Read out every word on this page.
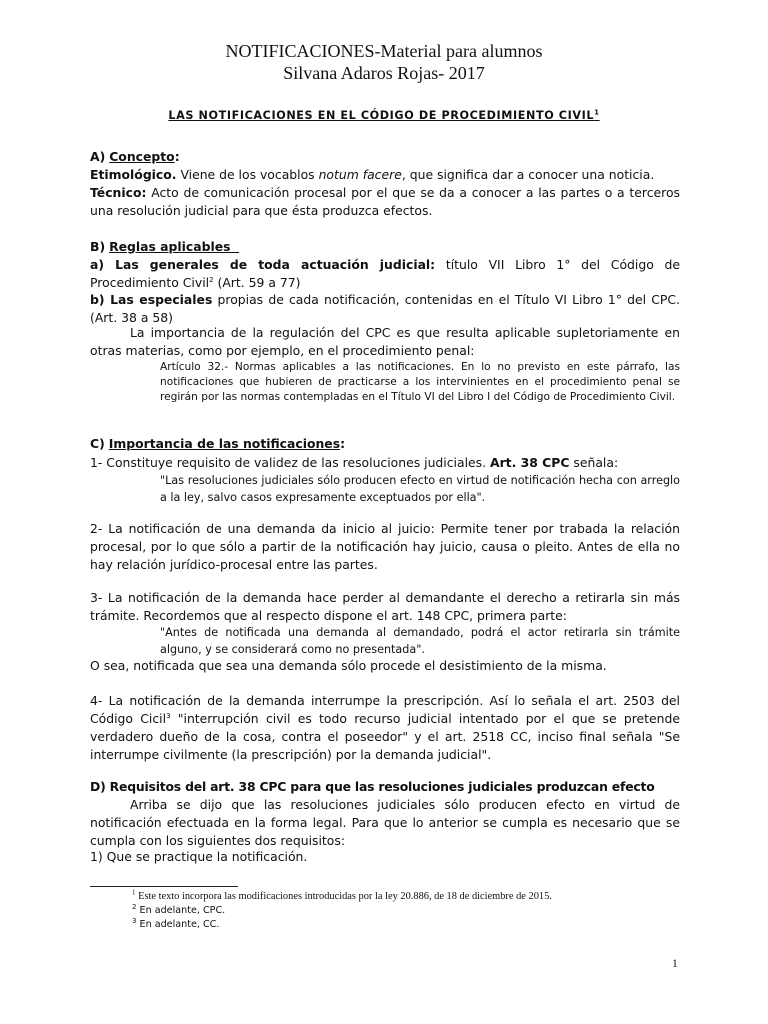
NOTIFICACIONES-Material para alumnos
Silvana Adaros Rojas- 2017
LAS NOTIFICACIONES EN EL CÓDIGO DE PROCEDIMIENTO CIVIL$^1$

A) Concepto:

Etimológico. Viene de los vocablos notum facere, que significa dar a conocer una noticia.

Técnico: Acto de comunicación procesal por el que se da a conocer a las partes o a terceros una resolución judicial para que ésta produzca efectos.

B) Reglas aplicables

a) Las generales de toda actuación judicial: título VII Libro 1° del Código de Procedimiento Civil$^2$ (Art. 59 a 77)

b) Las especiales propias de cada notificación, contenidas en el Título VI Libro 1° del CPC. (Art. 38 a 58)

La importancia de la regulación del CPC es que resulta aplicable supletoriamente en otras materias, como por ejemplo, en el procedimiento penal:

Artículo 32.- Normas aplicables a las notificaciones. En lo no previsto en este párrafo, las notificaciones que hubieren de practicarse a los intervinientes en el procedimiento penal se regirán por las normas contempladas en el Título VI del Libro I del Código de Procedimiento Civil.

C) Importancia de las notificaciones:

1- Constituye requisito de validez de las resoluciones judiciales. Art. 38 CPC señala:

"Las resoluciones judiciales sólo producen efecto en virtud de notificación hecha con arreglo a la ley, salvo casos expresamente exceptuados por ella".

2- La notificación de una demanda da inicio al juicio: Permite tener por trabada la relación procesal, por lo que sólo a partir de la notificación hay juicio, causa o pleito. Antes de ella no hay relación jurídico-procesal entre las partes.

3- La notificación de la demanda hace perder al demandante el derecho a retirarla sin más trámite. Recordemos que al respecto dispone el art. 148 CPC, primera parte:

"Antes de notificada una demanda al demandado, podrá el actor retirarla sin trámite alguno, y se considerará como no presentada".

O sea, notificada que sea una demanda sólo procede el desistimiento de la misma.

4- La notificación de la demanda interrumpe la prescripción. Así lo señala el art. 2503 del Código Cicil$^3$ "interrupción civil es todo recurso judicial intentado por el que se pretende verdadero dueño de la cosa, contra el poseedor" y el art. 2518 CC, inciso final señala "Se interrumpe civilmente (la prescripción) por la demanda judicial".

D) Requisitos del art. 38 CPC para que las resoluciones judiciales produzcan efecto

Arriba se dijo que las resoluciones judiciales sólo producen efecto en virtud de notificación efectuada en la forma legal. Para que lo anterior se cumpla es necesario que se cumpla con los siguientes dos requisitos:

1) Que se practique la notificación.

$^1$ Este texto incorpora las modificaciones introducidas por la ley 20.886, de 18 de diciembre de 2015.
$^2$ En adelante, CPC.
$^3$ En adelante, CC.
1
